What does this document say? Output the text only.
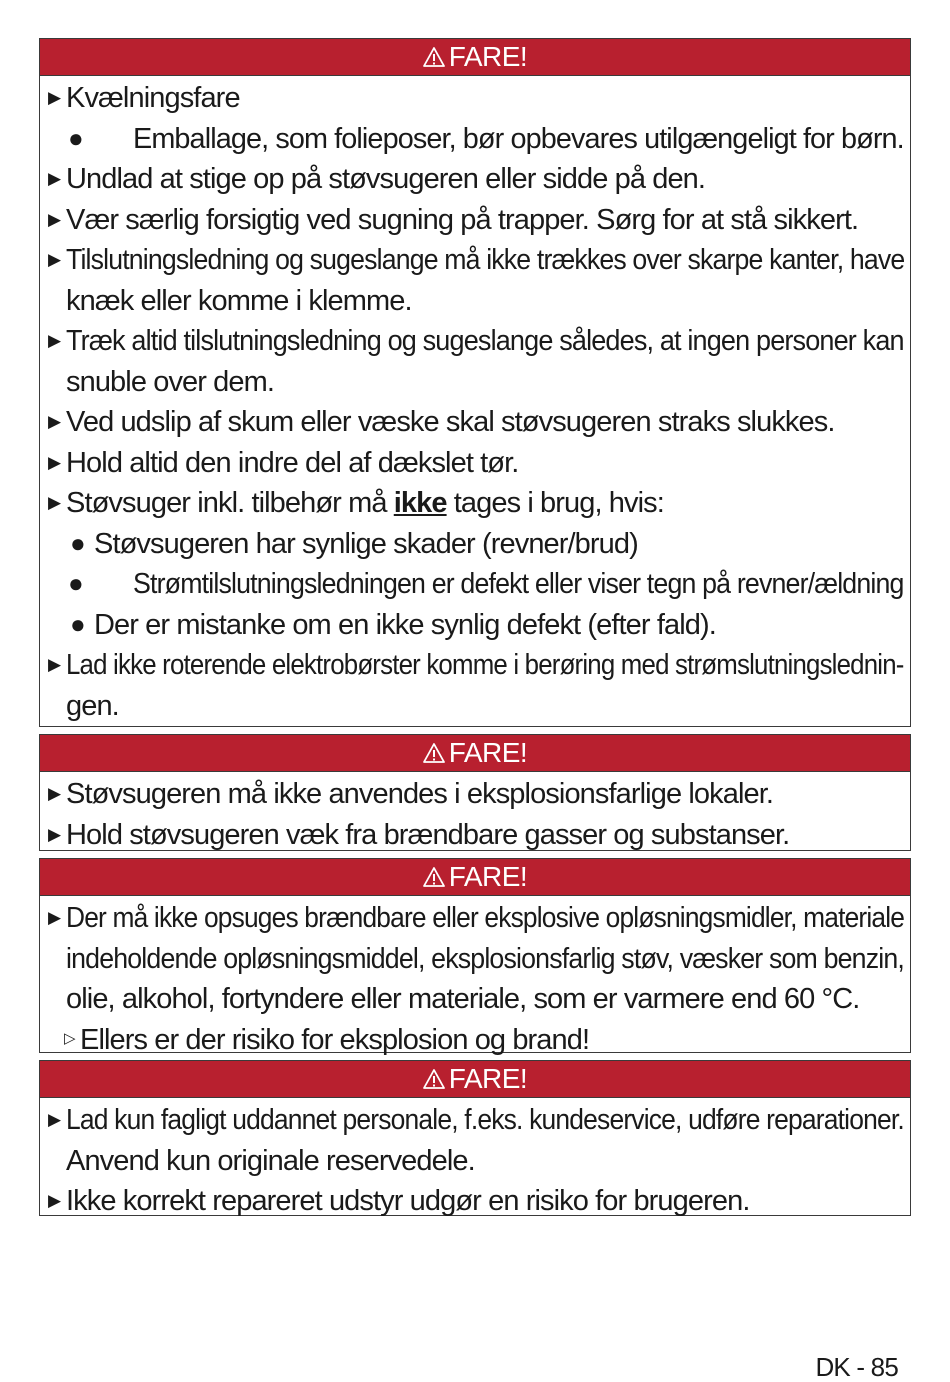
FARE!
▶ Kvælningsfare
● Emballage, som folieposer, bør opbevares utilgængeligt for børn.
▶ Undlad at stige op på støvsugeren eller sidde på den.
▶ Vær særlig forsigtig ved sugning på trapper. Sørg for at stå sikkert.
▶ Tilslutningsledning og sugeslange må ikke trækkes over skarpe kanter, have
knæk eller komme i klemme.
▶ Træk altid tilslutningsledning og sugeslange således, at ingen personer kan
snuble over dem.
▶ Ved udslip af skum eller væske skal støvsugeren straks slukkes.
▶ Hold altid den indre del af dækslet tør.
▶ Støvsuger inkl. tilbehør må ikke tages i brug, hvis:
● Støvsugeren har synlige skader (revner/brud)
● Strømtilslutningsledningen er defekt eller viser tegn på revner/ældning
● Der er mistanke om en ikke synlig defekt (efter fald).
▶ Lad ikke roterende elektrobørster komme i berøring med strømslutningslednin-
gen.
FARE!
▶ Støvsugeren må ikke anvendes i eksplosionsfarlige lokaler.
▶ Hold støvsugeren væk fra brændbare gasser og substanser.
FARE!
▶ Der må ikke opsuges brændbare eller eksplosive opløsningsmidler, materiale
indeholdende opløsningsmiddel, eksplosionsfarlig støv, væsker som benzin,
olie, alkohol, fortyndere eller materiale, som er varmere end 60 °C.
▷ Ellers er der risiko for eksplosion og brand!
FARE!
▶ Lad kun fagligt uddannet personale, f.eks. kundeservice, udføre reparationer.
Anvend kun originale reservedele.
▶ Ikke korrekt repareret udstyr udgør en risiko for brugeren.
DK - 85
